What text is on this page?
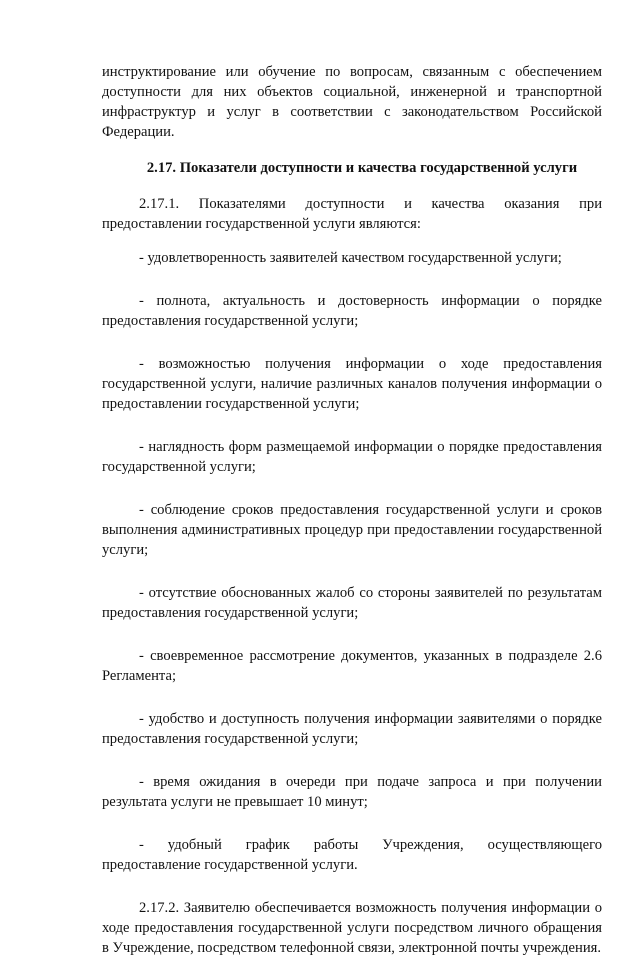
инструктирование или обучение по вопросам, связанным с обеспечением доступности для них объектов социальной, инженерной и транспортной инфраструктур и услуг в соответствии с законодательством Российской Федерации.

2.17. Показатели доступности и качества государственной услуги

2.17.1. Показателями доступности и качества оказания при предоставлении государственной услуги являются:

- удовлетворенность заявителей качеством государственной услуги;

- полнота, актуальность и достоверность информации о порядке предоставления государственной услуги;

- возможностью получения информации о ходе предоставления государственной услуги, наличие различных каналов получения информации о предоставлении государственной услуги;

- наглядность форм размещаемой информации о порядке предоставления государственной услуги;

- соблюдение сроков предоставления государственной услуги и сроков выполнения административных процедур при предоставлении государственной услуги;

- отсутствие обоснованных жалоб со стороны заявителей по результатам предоставления государственной услуги;

- своевременное рассмотрение документов, указанных в подразделе 2.6 Регламента;

- удобство и доступность получения информации заявителями о порядке предоставления государственной услуги;

- время ожидания в очереди при подаче запроса и при получении результата услуги не превышает 10 минут;

- удобный график работы Учреждения, осуществляющего предоставление государственной услуги.

2.17.2. Заявителю обеспечивается возможность получения информации о ходе предоставления государственной услуги посредством личного обращения в Учреждение, посредством телефонной связи, электронной почты учреждения.
